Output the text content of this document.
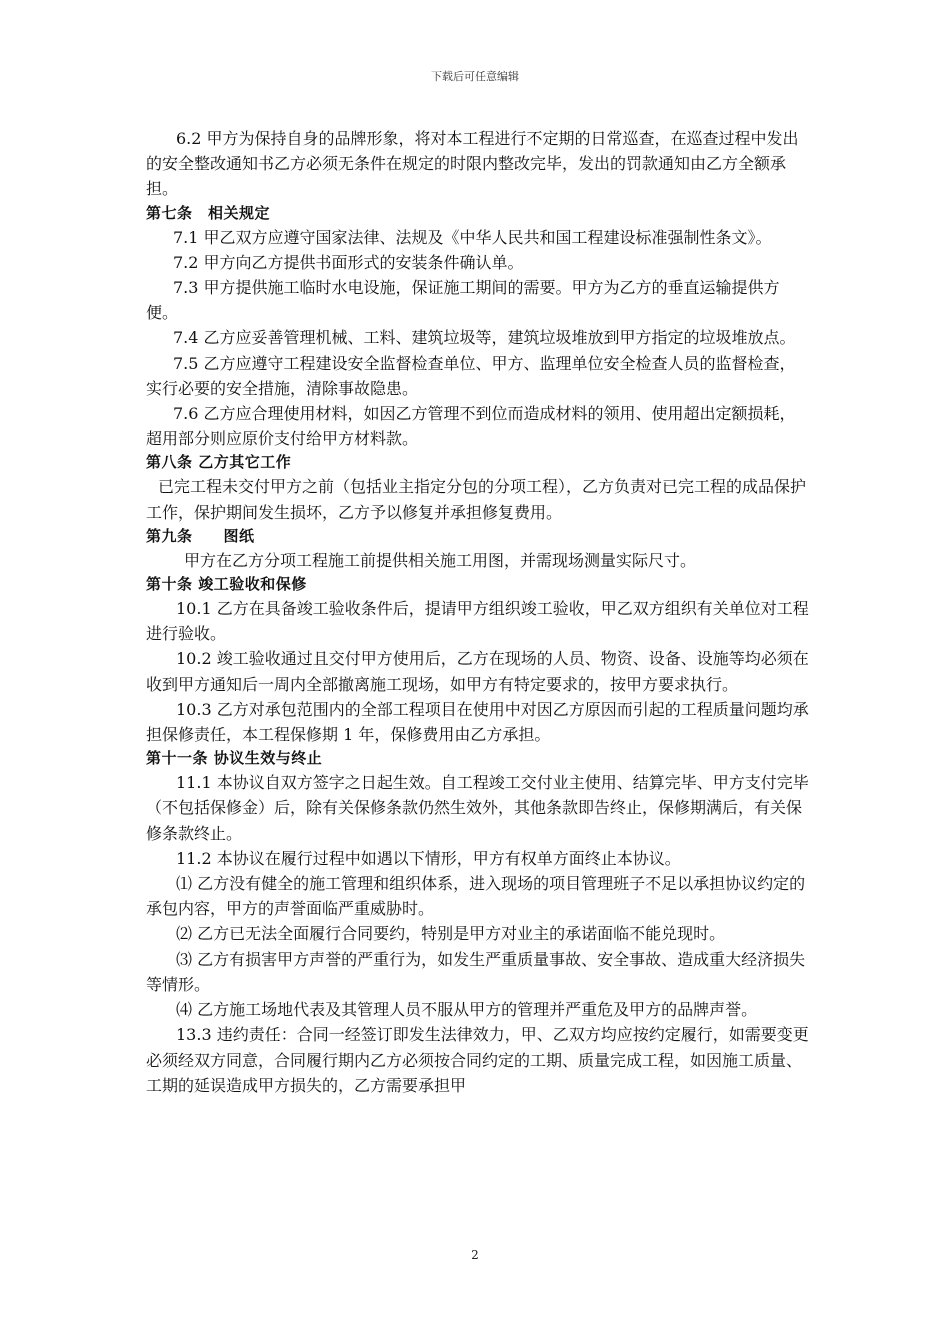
下载后可任意编辑

6.2 甲方为保持自身的品牌形象，将对本工程进行不定期的日常巡查，在巡查过程中发出的安全整改通知书乙方必须无条件在规定的时限内整改完毕，发出的罚款通知由乙方全额承担。

第七条　相关规定

7.1 甲乙双方应遵守国家法律、法规及《中华人民共和国工程建设标准强制性条文》。

7.2 甲方向乙方提供书面形式的安装条件确认单。

7.3 甲方提供施工临时水电设施，保证施工期间的需要。甲方为乙方的垂直运输提供方便。

7.4 乙方应妥善管理机械、工料、建筑垃圾等，建筑垃圾堆放到甲方指定的垃圾堆放点。

7.5 乙方应遵守工程建设安全监督检查单位、甲方、监理单位安全检查人员的监督检查，实行必要的安全措施，清除事故隐患。

7.6 乙方应合理使用材料，如因乙方管理不到位而造成材料的领用、使用超出定额损耗，超用部分则应原价支付给甲方材料款。

第八条 乙方其它工作

已完工程未交付甲方之前（包括业主指定分包的分项工程），乙方负责对已完工程的成品保护工作，保护期间发生损坏，乙方予以修复并承担修复费用。

第九条　　图纸

甲方在乙方分项工程施工前提供相关施工用图，并需现场测量实际尺寸。

第十条 竣工验收和保修

10.1 乙方在具备竣工验收条件后，提请甲方组织竣工验收，甲乙双方组织有关单位对工程进行验收。

10.2 竣工验收通过且交付甲方使用后，乙方在现场的人员、物资、设备、设施等均必须在收到甲方通知后一周内全部撤离施工现场，如甲方有特定要求的，按甲方要求执行。

10.3 乙方对承包范围内的全部工程项目在使用中对因乙方原因而引起的工程质量问题均承担保修责任，本工程保修期 1 年，保修费用由乙方承担。

第十一条 协议生效与终止

11.1 本协议自双方签字之日起生效。自工程竣工交付业主使用、结算完毕、甲方支付完毕（不包括保修金）后，除有关保修条款仍然生效外，其他条款即告终止，保修期满后，有关保修条款终止。

11.2 本协议在履行过程中如遇以下情形，甲方有权单方面终止本协议。

⑴ 乙方没有健全的施工管理和组织体系，进入现场的项目管理班子不足以承担协议约定的承包内容，甲方的声誉面临严重威胁时。

⑵ 乙方已无法全面履行合同要约，特别是甲方对业主的承诺面临不能兑现时。

⑶ 乙方有损害甲方声誉的严重行为，如发生严重质量事故、安全事故、造成重大经济损失等情形。

⑷ 乙方施工场地代表及其管理人员不服从甲方的管理并严重危及甲方的品牌声誉。

13.3 违约责任：合同一经签订即发生法律效力，甲、乙双方均应按约定履行，如需要变更必须经双方同意，合同履行期内乙方必须按合同约定的工期、质量完成工程，如因施工质量、工期的延误造成甲方损失的，乙方需要承担甲

2
